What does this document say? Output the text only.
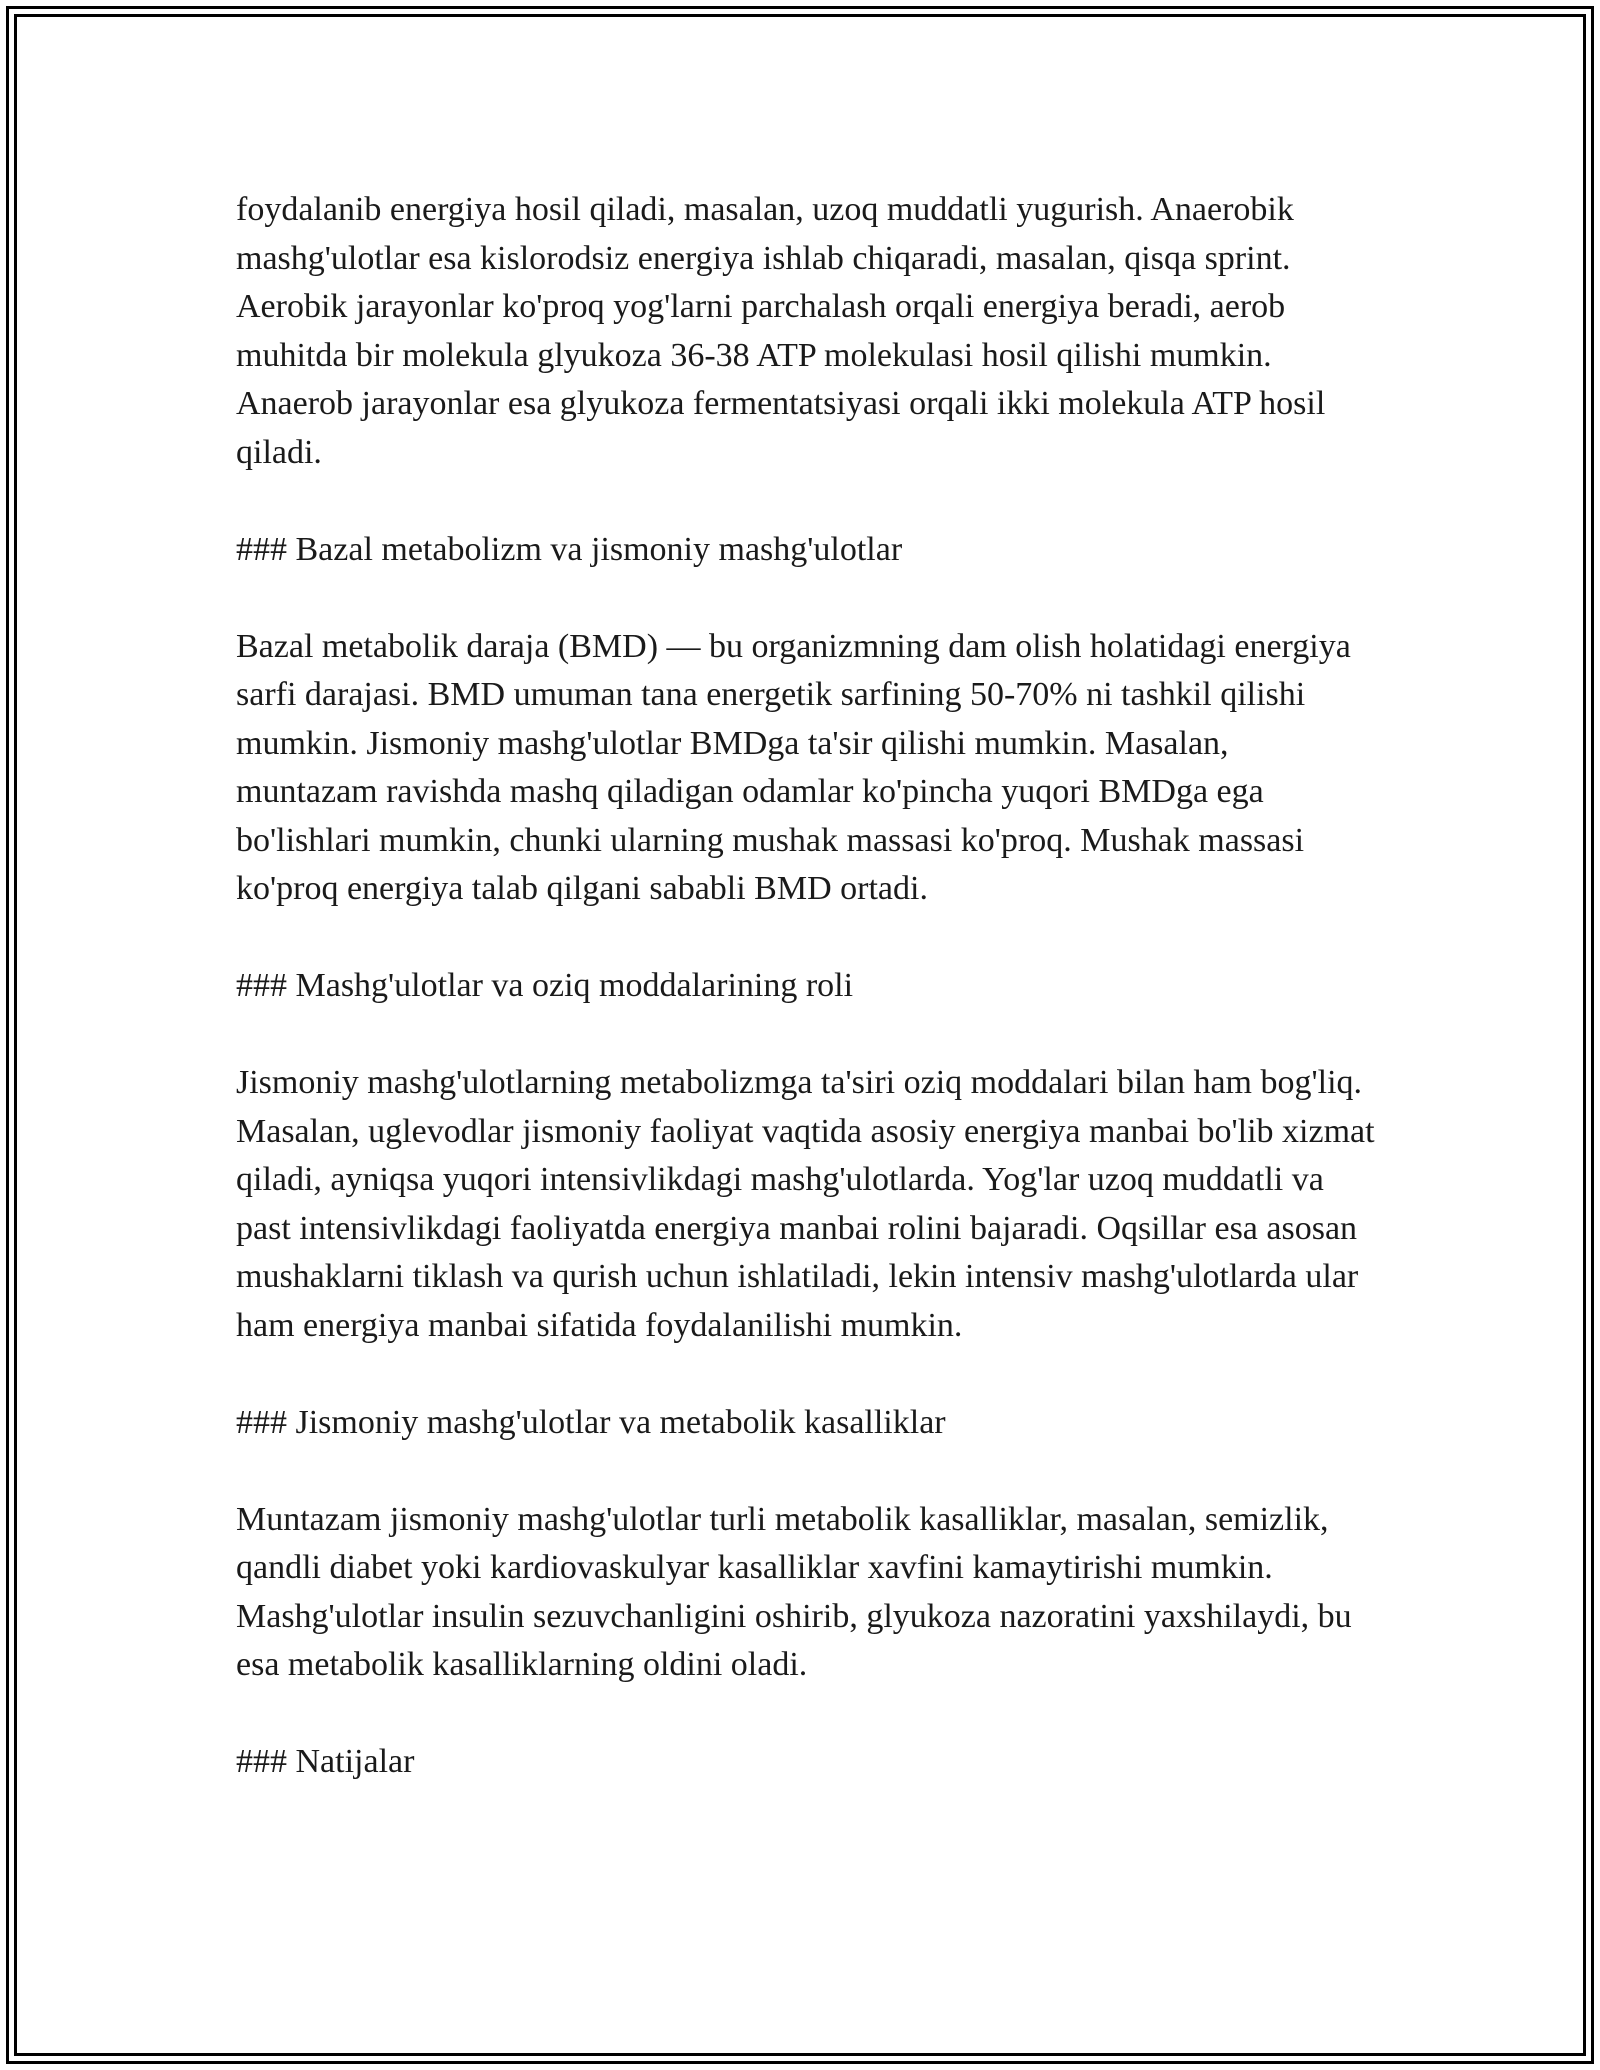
foydalanib energiya hosil qiladi, masalan, uzoq muddatli yugurish. Anaerobik mashg'ulotlar esa kislorodsiz energiya ishlab chiqaradi, masalan, qisqa sprint. Aerobik jarayonlar ko'proq yog'larni parchalash orqali energiya beradi, aerob muhitda bir molekula glyukoza 36-38 ATP molekulasi hosil qilishi mumkin. Anaerob jarayonlar esa glyukoza fermentatsiyasi orqali ikki molekula ATP hosil qiladi.

### Bazal metabolizm va jismoniy mashg'ulotlar

Bazal metabolik daraja (BMD) — bu organizmning dam olish holatidagi energiya sarfi darajasi. BMD umuman tana energetik sarfining 50-70% ni tashkil qilishi mumkin. Jismoniy mashg'ulotlar BMDga ta'sir qilishi mumkin. Masalan, muntazam ravishda mashq qiladigan odamlar ko'pincha yuqori BMDga ega bo'lishlari mumkin, chunki ularning mushak massasi ko'proq. Mushak massasi ko'proq energiya talab qilgani sababli BMD ortadi.

### Mashg'ulotlar va oziq moddalarining roli

Jismoniy mashg'ulotlarning metabolizmga ta'siri oziq moddalari bilan ham bog'liq. Masalan, uglevodlar jismoniy faoliyat vaqtida asosiy energiya manbai bo'lib xizmat qiladi, ayniqsa yuqori intensivlikdagi mashg'ulotlarda. Yog'lar uzoq muddatli va past intensivlikdagi faoliyatda energiya manbai rolini bajaradi. Oqsillar esa asosan mushaklarni tiklash va qurish uchun ishlatiladi, lekin intensiv mashg'ulotlarda ular ham energiya manbai sifatida foydalanilishi mumkin.

### Jismoniy mashg'ulotlar va metabolik kasalliklar

Muntazam jismoniy mashg'ulotlar turli metabolik kasalliklar, masalan, semizlik, qandli diabet yoki kardiovaskulyar kasalliklar xavfini kamaytirishi mumkin. Mashg'ulotlar insulin sezuvchanligini oshirib, glyukoza nazoratini yaxshilaydi, bu esa metabolik kasalliklarning oldini oladi.

### Natijalar
